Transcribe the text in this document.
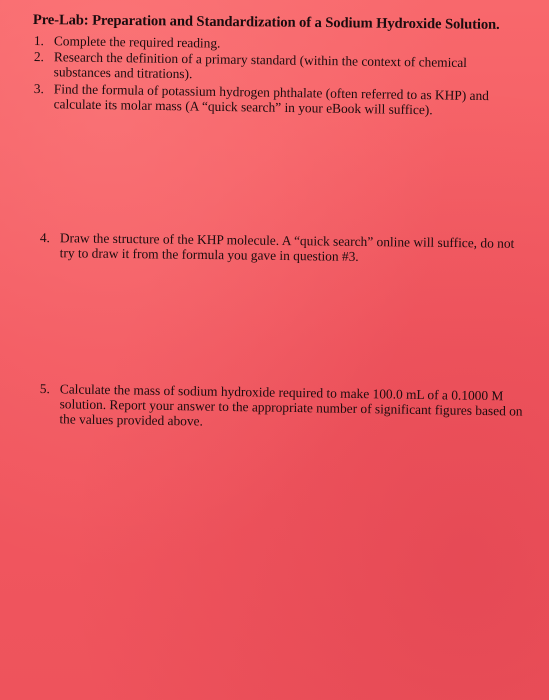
Pre-Lab: Preparation and Standardization of a Sodium Hydroxide Solution.
1. Complete the required reading.
2. Research the definition of a primary standard (within the context of chemical substances and titrations).
3. Find the formula of potassium hydrogen phthalate (often referred to as KHP) and calculate its molar mass (A “quick search” in your eBook will suffice).
4. Draw the structure of the KHP molecule. A “quick search” online will suffice, do not try to draw it from the formula you gave in question #3.
5. Calculate the mass of sodium hydroxide required to make 100.0 mL of a 0.1000 M solution. Report your answer to the appropriate number of significant figures based on the values provided above.
